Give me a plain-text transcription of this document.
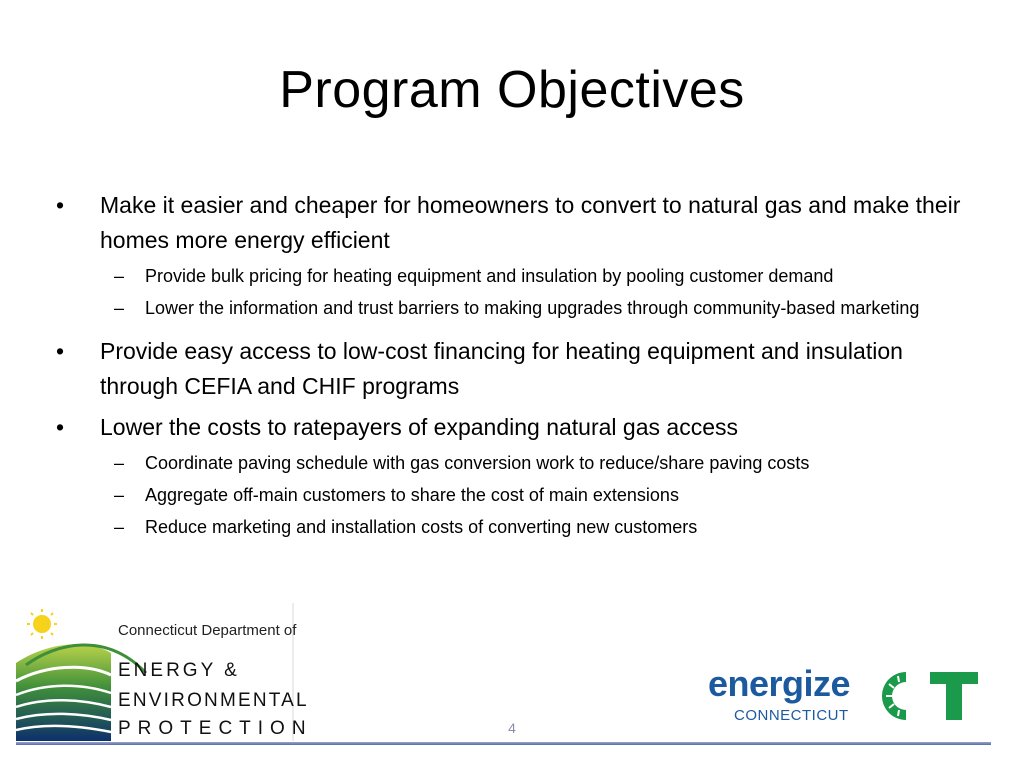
Program Objectives
• Make it easier and cheaper for homeowners to convert to natural gas and make their homes more energy efficient
– Provide bulk pricing for heating equipment and insulation by pooling customer demand
– Lower the information and trust barriers to making upgrades through community-based marketing
• Provide easy access to low-cost financing for heating equipment and insulation through CEFIA and CHIF programs
• Lower the costs to ratepayers of expanding natural gas access
– Coordinate paving schedule with gas conversion work to reduce/share paving costs
– Aggregate off-main customers to share the cost of main extensions
– Reduce marketing and installation costs of converting new customers
Connecticut Department of
ENERGY &
ENVIRONMENTAL
PROTECTION
energize
CONNECTICUT
4
